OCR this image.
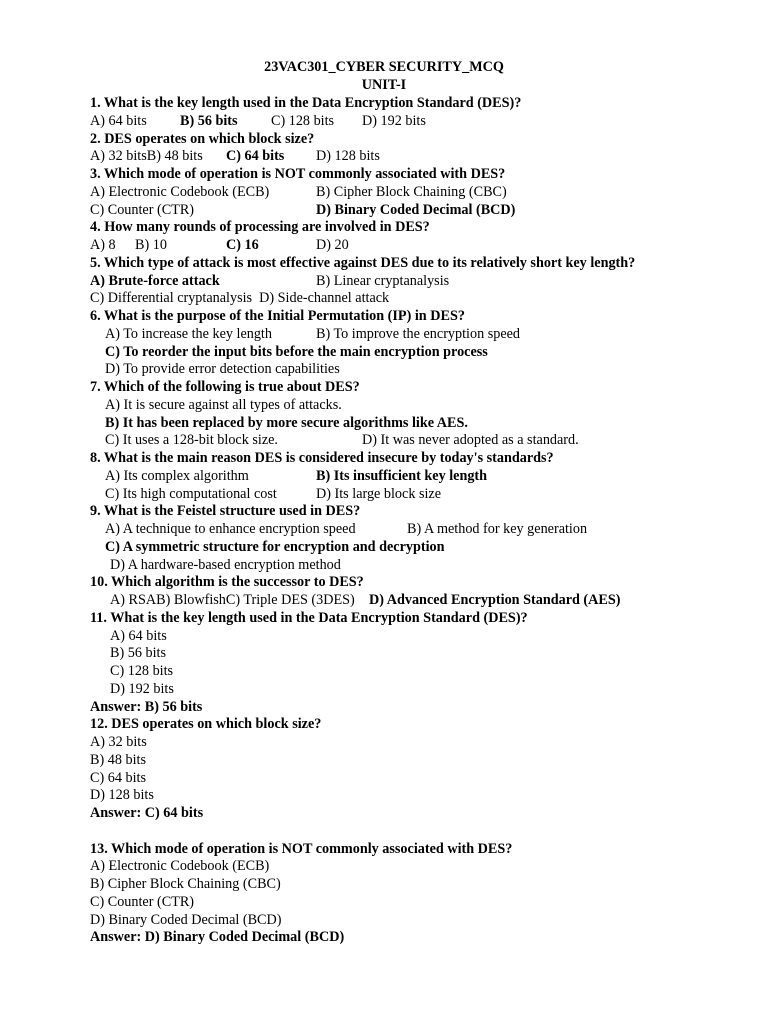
23VAC301_CYBER SECURITY_MCQ
UNIT-I
1. What is the key length used in the Data Encryption Standard (DES)?
A) 64 bits B) 56 bits C) 128 bits D) 192 bits
2. DES operates on which block size?
A) 32 bitsB) 48 bits C) 64 bits D) 128 bits
3. Which mode of operation is NOT commonly associated with DES?
A) Electronic Codebook (ECB)	B) Cipher Block Chaining (CBC)
C) Counter (CTR)	D) Binary Coded Decimal (BCD)
4. How many rounds of processing are involved in DES?
A) 8 B) 10	C) 16	D) 20
5. Which type of attack is most effective against DES due to its relatively short key length?
A) Brute-force attack	B) Linear cryptanalysis
C) Differential cryptanalysis  D) Side-channel attack
6. What is the purpose of the Initial Permutation (IP) in DES?
A) To increase the key length	B) To improve the encryption speed
C) To reorder the input bits before the main encryption process
D) To provide error detection capabilities
7. Which of the following is true about DES?
A) It is secure against all types of attacks.
B) It has been replaced by more secure algorithms like AES.
C) It uses a 128-bit block size.	D) It was never adopted as a standard.
8. What is the main reason DES is considered insecure by today's standards?
A) Its complex algorithm	B) Its insufficient key length
C) Its high computational cost	D) Its large block size
9. What is the Feistel structure used in DES?
A) A technique to enhance encryption speed	B) A method for key generation
C) A symmetric structure for encryption and decryption
D) A hardware-based encryption method
10. Which algorithm is the successor to DES?
A) RSAB) BlowfishC) Triple DES (3DES) D) Advanced Encryption Standard (AES)
11. What is the key length used in the Data Encryption Standard (DES)?
A) 64 bits
B) 56 bits
C) 128 bits
D) 192 bits
Answer: B) 56 bits
12. DES operates on which block size?
A) 32 bits
B) 48 bits
C) 64 bits
D) 128 bits
Answer: C) 64 bits
13. Which mode of operation is NOT commonly associated with DES?
A) Electronic Codebook (ECB)
B) Cipher Block Chaining (CBC)
C) Counter (CTR)
D) Binary Coded Decimal (BCD)
Answer: D) Binary Coded Decimal (BCD)
